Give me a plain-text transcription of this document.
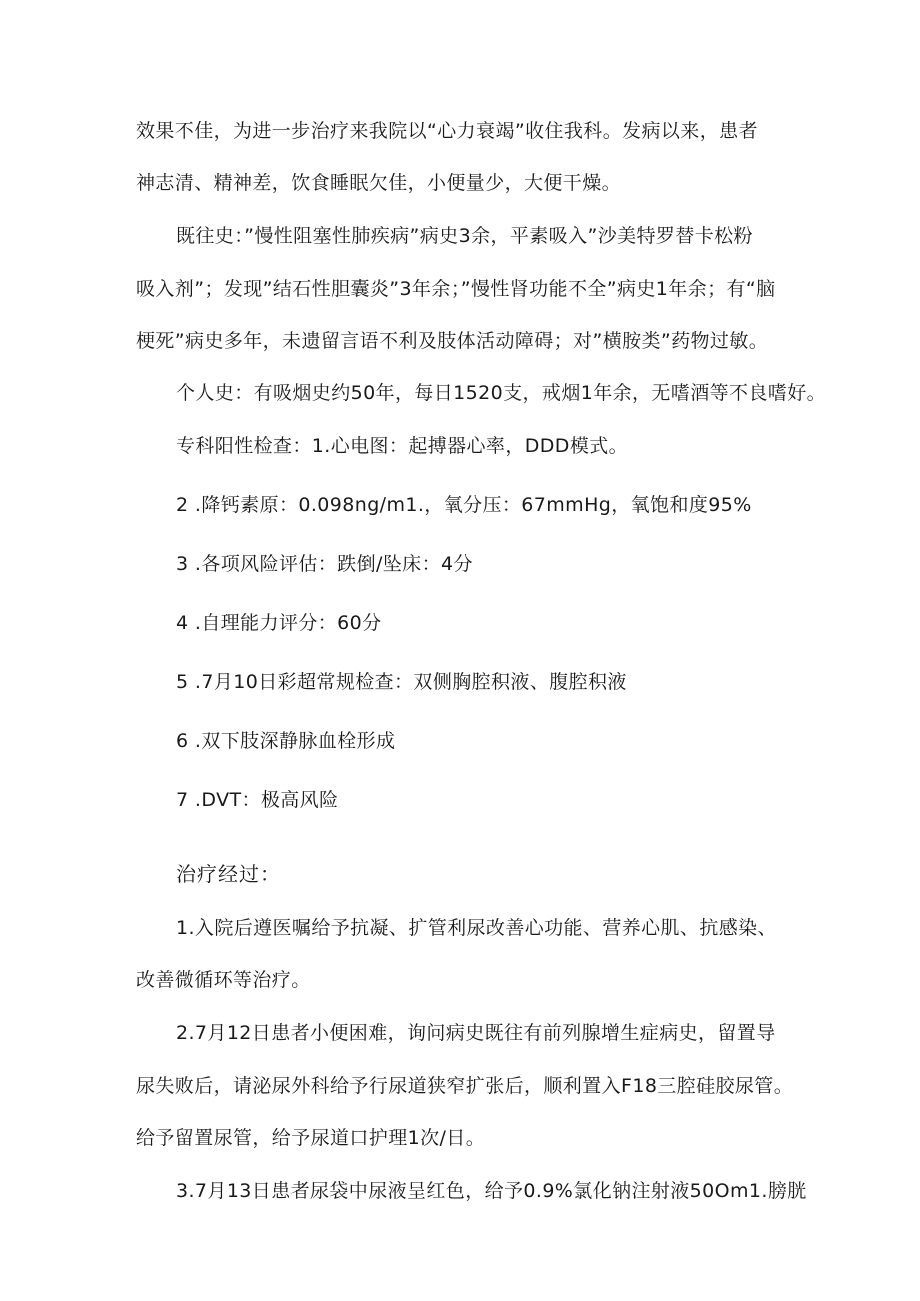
效果不佳，为进一步治疗来我院以“心力衰竭”收住我科。发病以来，患者
神志清、精神差，饮食睡眠欠佳，小便量少，大便干燥。
既往史：”慢性阻塞性肺疾病”病史3余，平素吸入”沙美特罗替卡松粉
吸入剂”；发现”结石性胆囊炎”3年余；”慢性肾功能不全”病史1年余；有“脑
梗死”病史多年，未遗留言语不利及肢体活动障碍；对”横胺类”药物过敏。
个人史：有吸烟史约50年，每日1520支，戒烟1年余，无嗜酒等不良嗜好。
专科阳性检查：1.心电图：起搏器心率，DDD模式。
2 .降钙素原：0.098ng∕m1.，氧分压：67mmHg，氧饱和度95%
3 .各项风险评估：跌倒/坠床：4分
4 .自理能力评分：60分
5 .7月10日彩超常规检查：双侧胸腔积液、腹腔积液
6 .双下肢深静脉血栓形成
7 .DVT：极高风险
治疗经过：
1.入院后遵医嘱给予抗凝、扩管利尿改善心功能、营养心肌、抗感染、
改善微循环等治疗。
2.7月12日患者小便困难，询问病史既往有前列腺增生症病史，留置导
尿失败后，请泌尿外科给予行尿道狭窄扩张后，顺利置入F18三腔硅胶尿管。
给予留置尿管，给予尿道口护理1次/日。
3.7月13日患者尿袋中尿液呈红色，给予0.9%氯化钠注射液50Om1.膀胱
